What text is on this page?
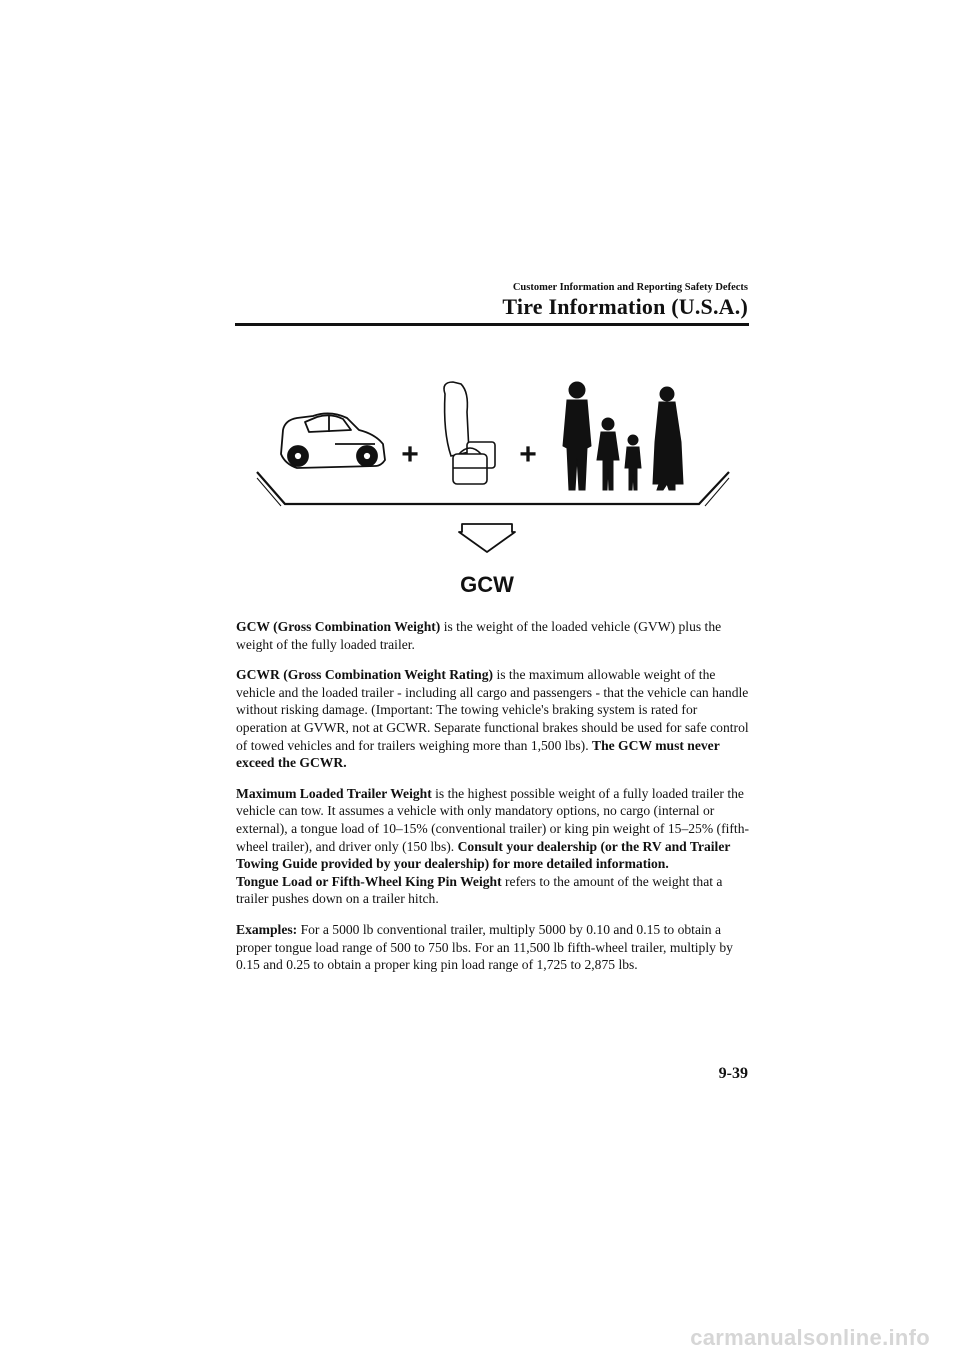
Customer Information and Reporting Safety Defects
Tire Information (U.S.A.)
+	+
GCW

GCW (Gross Combination Weight) is the weight of the loaded vehicle (GVW) plus the weight of the fully loaded trailer.

GCWR (Gross Combination Weight Rating) is the maximum allowable weight of the vehicle and the loaded trailer - including all cargo and passengers - that the vehicle can handle without risking damage. (Important: The towing vehicle's braking system is rated for operation at GVWR, not at GCWR. Separate functional brakes should be used for safe control of towed vehicles and for trailers weighing more than 1,500 lbs). The GCW must never exceed the GCWR.

Maximum Loaded Trailer Weight is the highest possible weight of a fully loaded trailer the vehicle can tow. It assumes a vehicle with only mandatory options, no cargo (internal or external), a tongue load of 10–15% (conventional trailer) or king pin weight of 15–25% (fifth-wheel trailer), and driver only (150 lbs). Consult your dealership (or the RV and Trailer Towing Guide provided by your dealership) for more detailed information.
Tongue Load or Fifth-Wheel King Pin Weight refers to the amount of the weight that a trailer pushes down on a trailer hitch.

Examples: For a 5000 lb conventional trailer, multiply 5000 by 0.10 and 0.15 to obtain a proper tongue load range of 500 to 750 lbs. For an 11,500 lb fifth-wheel trailer, multiply by 0.15 and 0.25 to obtain a proper king pin load range of 1,725 to 2,875 lbs.

9-39
carmanualsonline.info
